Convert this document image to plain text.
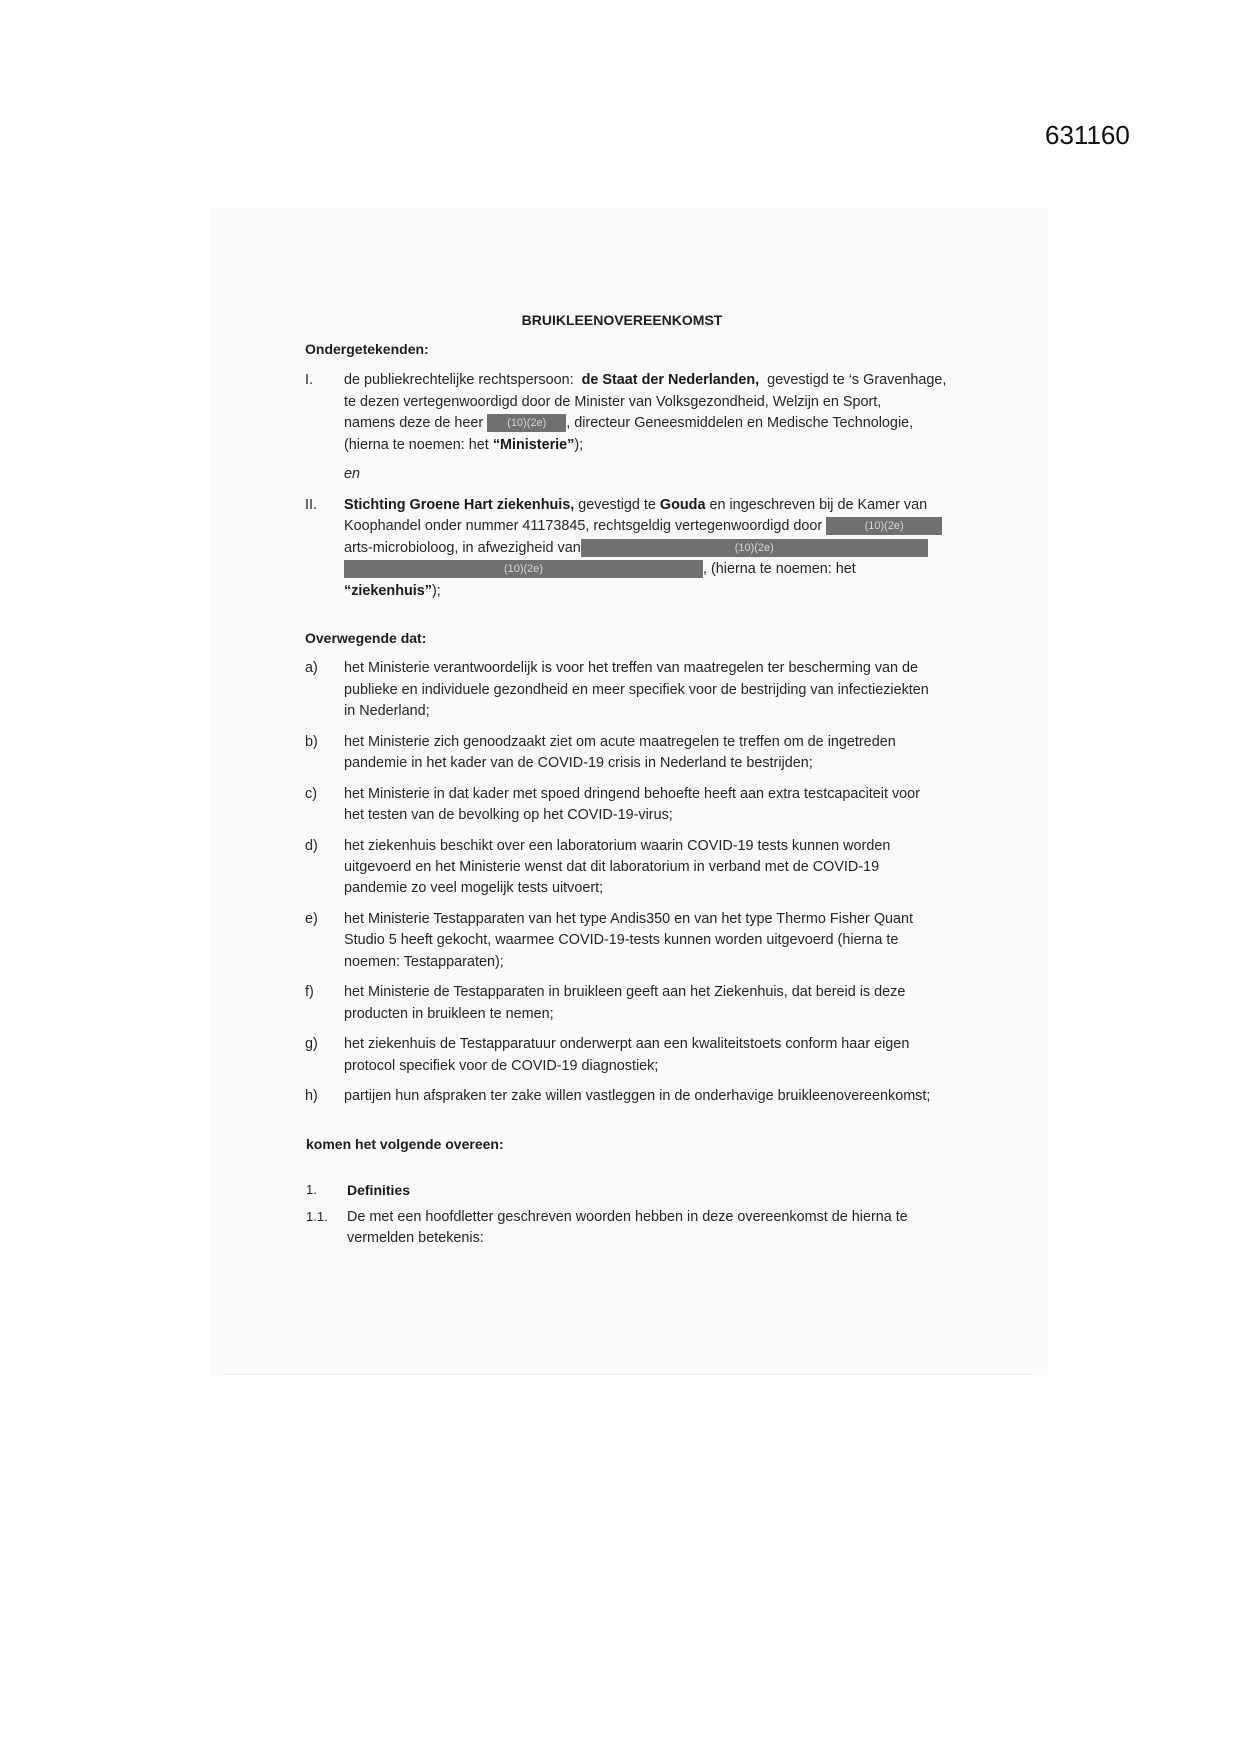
631160
BRUIKLEENOVEREENKOMST
Ondergetekenden:
I. de publiekrechtelijke rechtspersoon: de Staat der Nederlanden, gevestigd te ‘s Gravenhage,
te dezen vertegenwoordigd door de Minister van Volksgezondheid, Welzijn en Sport,
namens deze de heer (10)(2e) , directeur Geneesmiddelen en Medische Technologie,
(hierna te noemen: het “Ministerie”);
en
II. Stichting Groene Hart ziekenhuis, gevestigd te Gouda en ingeschreven bij de Kamer van
Koophandel onder nummer 41173845, rechtsgeldig vertegenwoordigd door	(10)(2e)
arts-microbioloog, in afwezigheid van	(10)(2e)
(10)(2e)	, (hierna te noemen: het
“ziekenhuis”);
Overwegende dat:
a) het Ministerie verantwoordelijk is voor het treffen van maatregelen ter bescherming van de
publieke en individuele gezondheid en meer specifiek voor de bestrijding van infectieziekten
in Nederland;
b) het Ministerie zich genoodzaakt ziet om acute maatregelen te treffen om de ingetreden
pandemie in het kader van de COVID-19 crisis in Nederland te bestrijden;
c) het Ministerie in dat kader met spoed dringend behoefte heeft aan extra testcapaciteit voor
het testen van de bevolking op het COVID-19-virus;
d) het ziekenhuis beschikt over een laboratorium waarin COVID-19 tests kunnen worden
uitgevoerd en het Ministerie wenst dat dit laboratorium in verband met de COVID-19
pandemie zo veel mogelijk tests uitvoert;
e) het Ministerie Testapparaten van het type Andis350 en van het type Thermo Fisher Quant
Studio 5 heeft gekocht, waarmee COVID-19-tests kunnen worden uitgevoerd (hierna te
noemen: Testapparaten);
f) het Ministerie de Testapparaten in bruikleen geeft aan het Ziekenhuis, dat bereid is deze
producten in bruikleen te nemen;
g) het ziekenhuis de Testapparatuur onderwerpt aan een kwaliteitstoets conform haar eigen
protocol specifiek voor de COVID-19 diagnostiek;
h) partijen hun afspraken ter zake willen vastleggen in de onderhavige bruikleenovereenkomst;
komen het volgende overeen:
1. Definities
1.1. De met een hoofdletter geschreven woorden hebben in deze overeenkomst de hierna te
vermelden betekenis:
